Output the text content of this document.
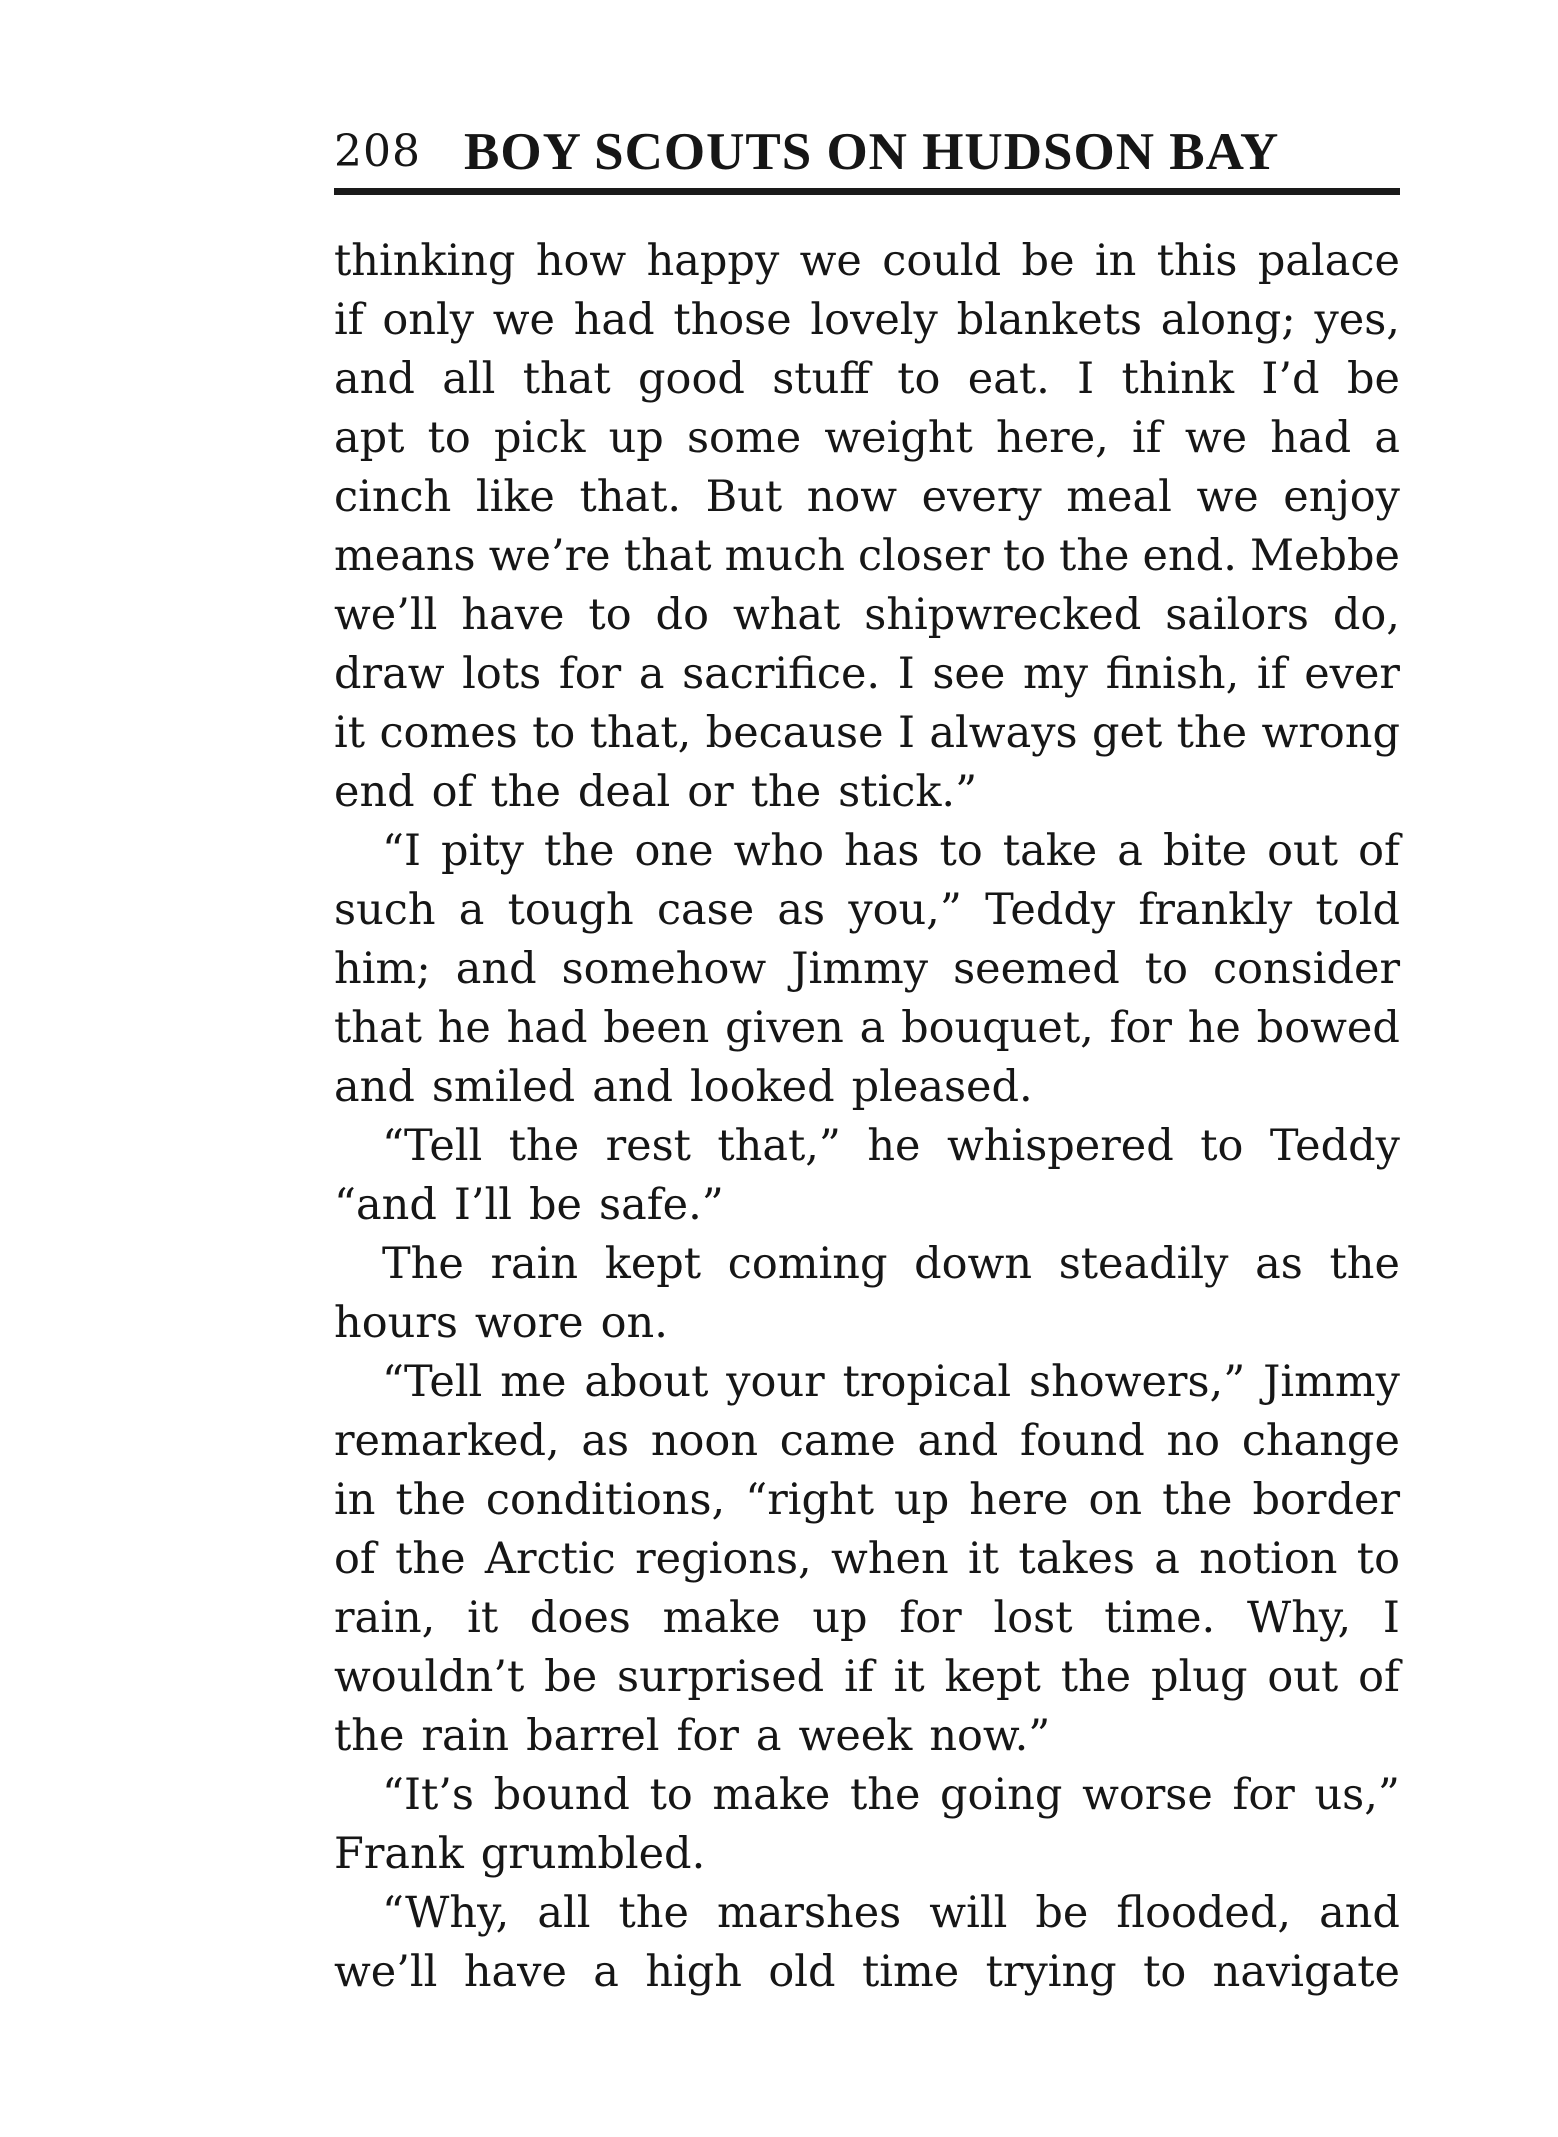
208 BOY SCOUTS ON HUDSON BAY
thinking how happy we could be in this palace
if only we had those lovely blankets along; yes,
and all that good stuff to eat. I think I’d be
apt to pick up some weight here, if we had a
cinch like that. But now every meal we enjoy
means we’re that much closer to the end. Mebbe
we’ll have to do what shipwrecked sailors do,
draw lots for a sacrifice. I see my finish, if ever
it comes to that, because I always get the wrong
end of the deal or the stick.”
“I pity the one who has to take a bite out of
such a tough case as you,” Teddy frankly told
him; and somehow Jimmy seemed to consider
that he had been given a bouquet, for he bowed
and smiled and looked pleased.
“Tell the rest that,” he whispered to Teddy
“and I’ll be safe.”
The rain kept coming down steadily as the
hours wore on.
“Tell me about your tropical showers,” Jimmy
remarked, as noon came and found no change
in the conditions, “right up here on the border
of the Arctic regions, when it takes a notion to
rain, it does make up for lost time. Why, I
wouldn’t be surprised if it kept the plug out of
the rain barrel for a week now.”
“It’s bound to make the going worse for us,”
Frank grumbled.
“Why, all the marshes will be flooded, and
we’ll have a high old time trying to navigate
